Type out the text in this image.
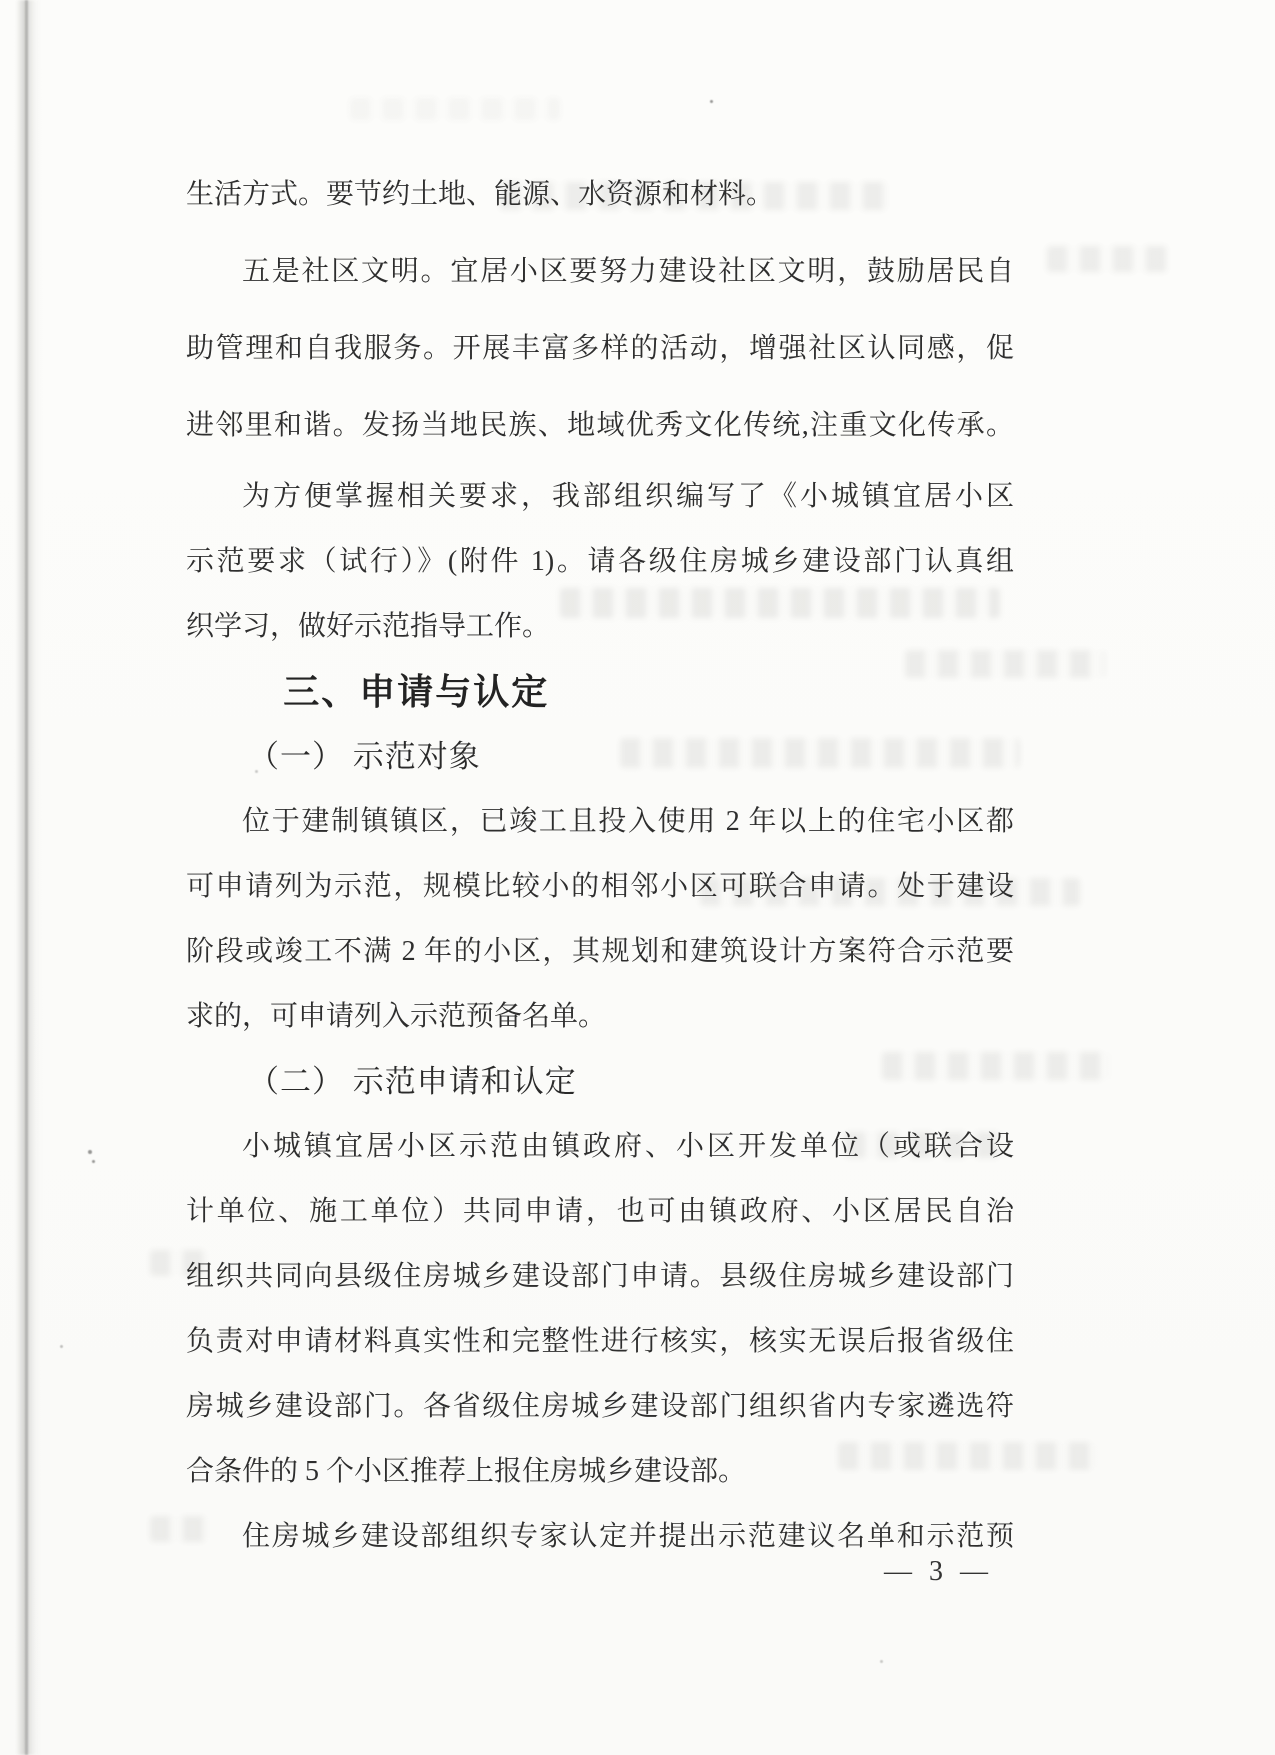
生活方式。要节约土地、能源、水资源和材料。
五是社区文明。宜居小区要努力建设社区文明，鼓励居民自
助管理和自我服务。开展丰富多样的活动，增强社区认同感，促
进邻里和谐。发扬当地民族、地域优秀文化传统,注重文化传承。
为方便掌握相关要求，我部组织编写了《小城镇宜居小区
示范要求（试行）》(附件 1)。请各级住房城乡建设部门认真组
织学习，做好示范指导工作。
三、申请与认定
（一） 示范对象
位于建制镇镇区，已竣工且投入使用 2 年以上的住宅小区都
可申请列为示范，规模比较小的相邻小区可联合申请。处于建设
阶段或竣工不满 2 年的小区，其规划和建筑设计方案符合示范要
求的，可申请列入示范预备名单。
（二） 示范申请和认定
小城镇宜居小区示范由镇政府、小区开发单位（或联合设
计单位、施工单位）共同申请，也可由镇政府、小区居民自治
组织共同向县级住房城乡建设部门申请。县级住房城乡建设部门
负责对申请材料真实性和完整性进行核实，核实无误后报省级住
房城乡建设部门。各省级住房城乡建设部门组织省内专家遴选符
合条件的 5 个小区推荐上报住房城乡建设部。
住房城乡建设部组织专家认定并提出示范建议名单和示范预
— 3 —
